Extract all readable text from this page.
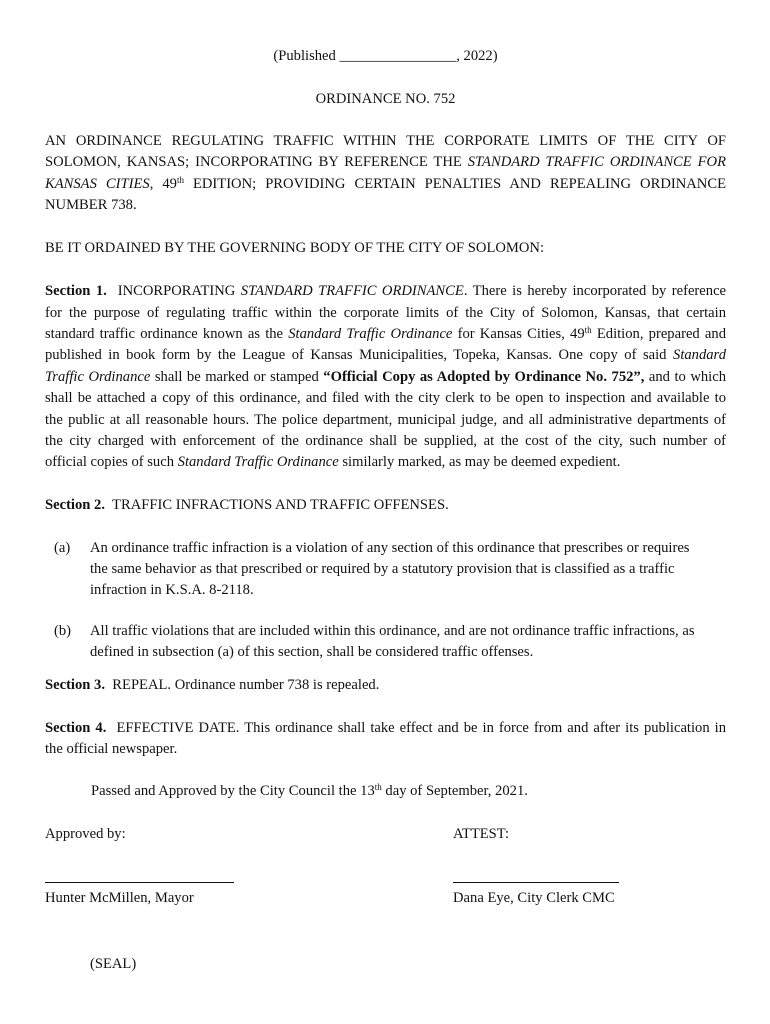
(Published ________________, 2022)
ORDINANCE NO. 752
AN ORDINANCE REGULATING TRAFFIC WITHIN THE CORPORATE LIMITS OF THE CITY OF
SOLOMON, KANSAS; INCORPORATING BY REFERENCE THE STANDARD TRAFFIC ORDINANCE FOR
KANSAS CITIES, 49th EDITION; PROVIDING CERTAIN PENALTIES AND REPEALING ORDINANCE
NUMBER 738.
BE IT ORDAINED BY THE GOVERNING BODY OF THE CITY OF SOLOMON:
Section 1. INCORPORATING STANDARD TRAFFIC ORDINANCE. There is hereby incorporated by reference
for the purpose of regulating traffic within the corporate limits of the City of Solomon, Kansas, that certain
standard traffic ordinance known as the Standard Traffic Ordinance for Kansas Cities, 49th Edition, prepared and
published in book form by the League of Kansas Municipalities, Topeka, Kansas. One copy of said Standard
Traffic Ordinance shall be marked or stamped “Official Copy as Adopted by Ordinance No. 752”, and to which
shall be attached a copy of this ordinance, and filed with the city clerk to be open to inspection and available to
the public at all reasonable hours. The police department, municipal judge, and all administrative departments of
the city charged with enforcement of the ordinance shall be supplied, at the cost of the city, such number of
official copies of such Standard Traffic Ordinance similarly marked, as may be deemed expedient.
Section 2. TRAFFIC INFRACTIONS AND TRAFFIC OFFENSES.
(a) An ordinance traffic infraction is a violation of any section of this ordinance that prescribes or requires
the same behavior as that prescribed or required by a statutory provision that is classified as a traffic
infraction in K.S.A. 8-2118.
(b) All traffic violations that are included within this ordinance, and are not ordinance traffic infractions, as
defined in subsection (a) of this section, shall be considered traffic offenses.
Section 3. REPEAL. Ordinance number 738 is repealed.
Section 4. EFFECTIVE DATE. This ordinance shall take effect and be in force from and after its publication in
the official newspaper.
Passed and Approved by the City Council the 13th day of September, 2021.
Approved by:	ATTEST:
Hunter McMillen, Mayor	Dana Eye, City Clerk CMC
(SEAL)
